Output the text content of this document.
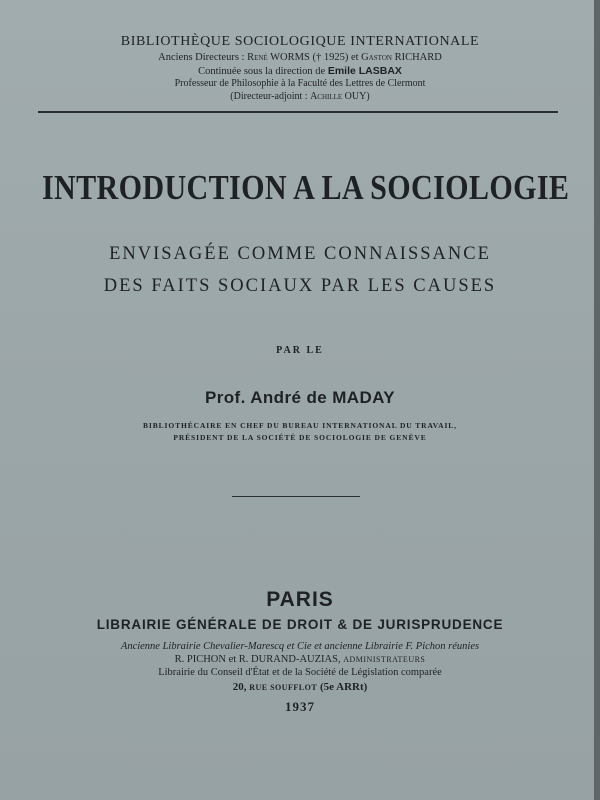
BIBLIOTHÈQUE SOCIOLOGIQUE INTERNATIONALE
Anciens Directeurs : René WORMS († 1925) et Gaston RICHARD
Continuée sous la direction de Emile LASBAX
Professeur de Philosophie à la Faculté des Lettres de Clermont
(Directeur-adjoint : Achille OUY)
INTRODUCTION A LA SOCIOLOGIE
ENVISAGÉE COMME CONNAISSANCE
DES FAITS SOCIAUX PAR LES CAUSES
PAR LE
Prof. André de MADAY
BIBLIOTHÉCAIRE EN CHEF DU BUREAU INTERNATIONAL DU TRAVAIL,
PRÉSIDENT DE LA SOCIÉTÉ DE SOCIOLOGIE DE GENÈVE
PARIS
LIBRAIRIE GÉNÉRALE DE DROIT & DE JURISPRUDENCE
Ancienne Librairie Chevalier-Marescq et Cie et ancienne Librairie F. Pichon réunies
R. PICHON et R. DURAND-AUZIAS, ADMINISTRATEURS
Librairie du Conseil d'État et de la Société de Législation comparée
20, RUE SOUFFLOT (5e ARRt)
1937
